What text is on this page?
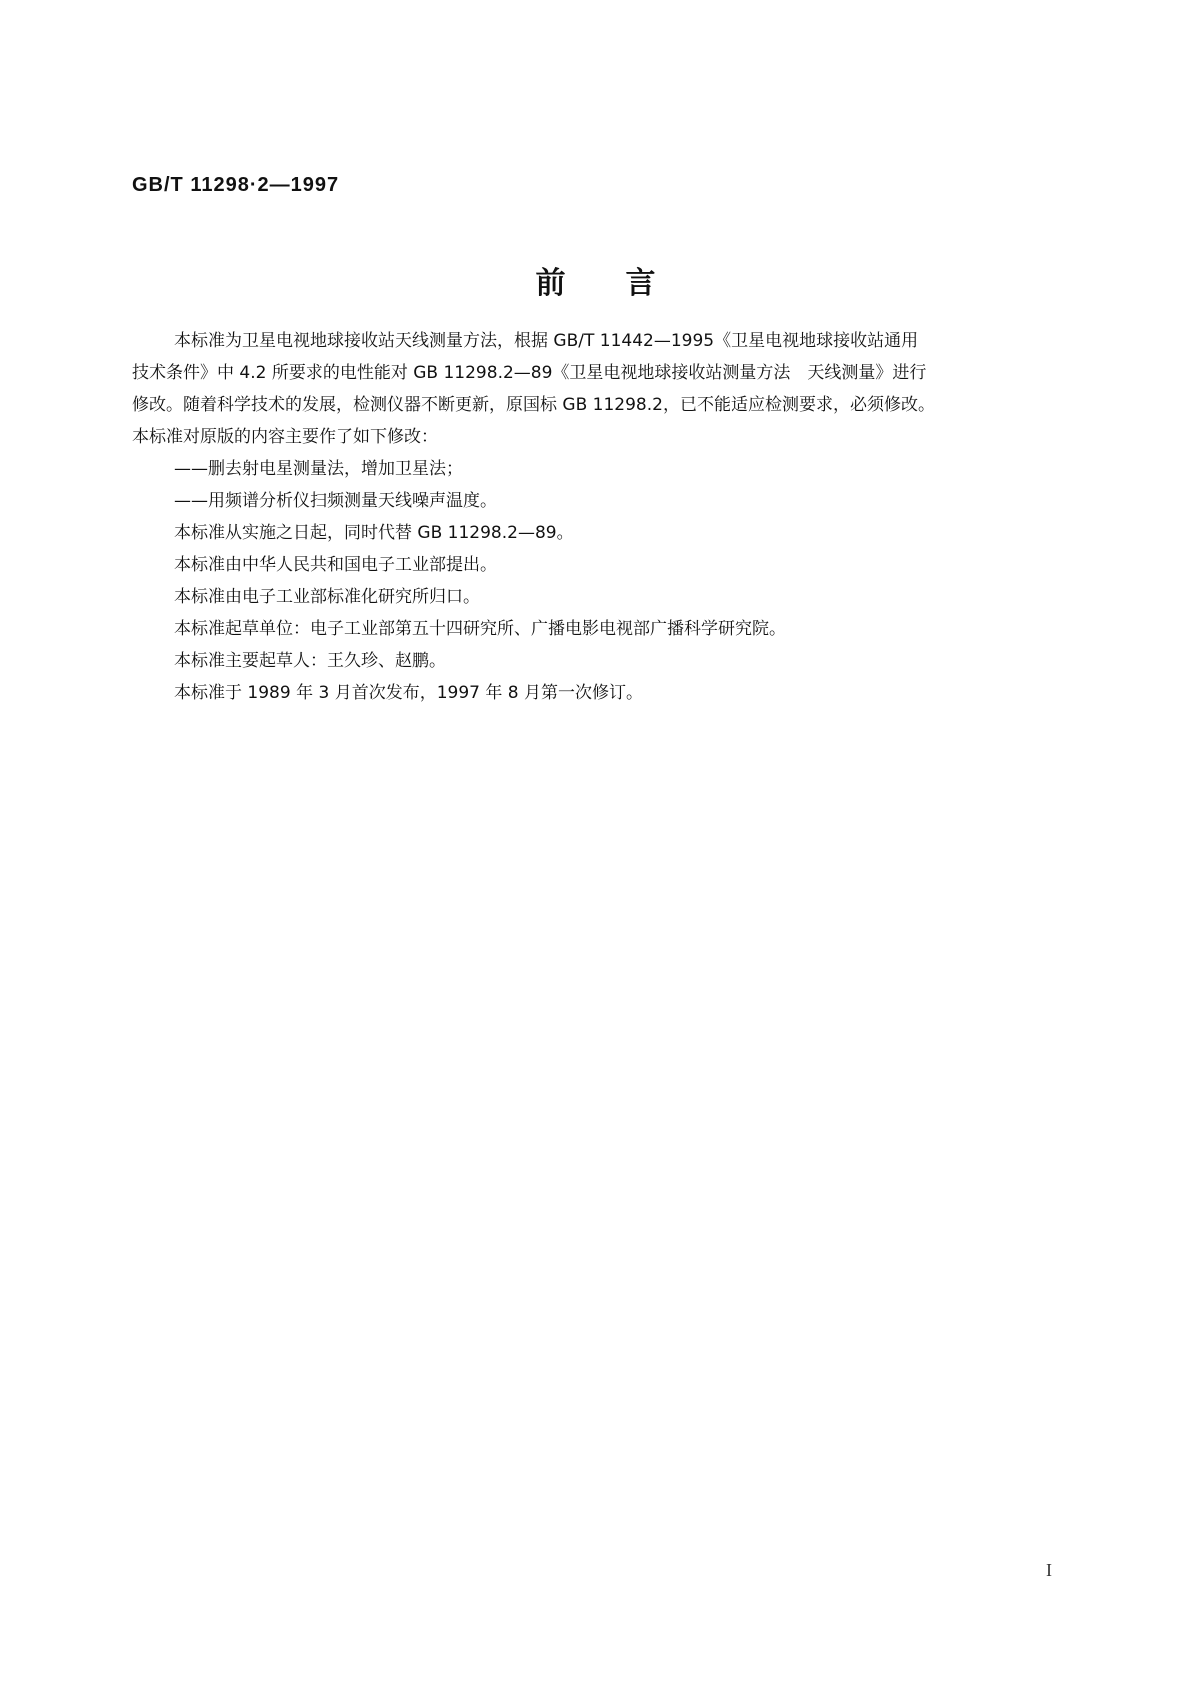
GB/T 11298·2—1997
前言

本标准为卫星电视地球接收站天线测量方法，根据 GB/T 11442—1995《卫星电视地球接收站通用

技术条件》中 4.2 所要求的电性能对 GB 11298.2—89《卫星电视地球接收站测量方法　天线测量》进行

修改。随着科学技术的发展，检测仪器不断更新，原国标 GB 11298.2，已不能适应检测要求，必须修改。

本标准对原版的内容主要作了如下修改：

——删去射电星测量法，增加卫星法；

——用频谱分析仪扫频测量天线噪声温度。

本标准从实施之日起，同时代替 GB 11298.2—89。

本标准由中华人民共和国电子工业部提出。

本标准由电子工业部标准化研究所归口。

本标准起草单位：电子工业部第五十四研究所、广播电影电视部广播科学研究院。

本标准主要起草人：王久珍、赵鹏。

本标准于 1989 年 3 月首次发布，1997 年 8 月第一次修订。

I
